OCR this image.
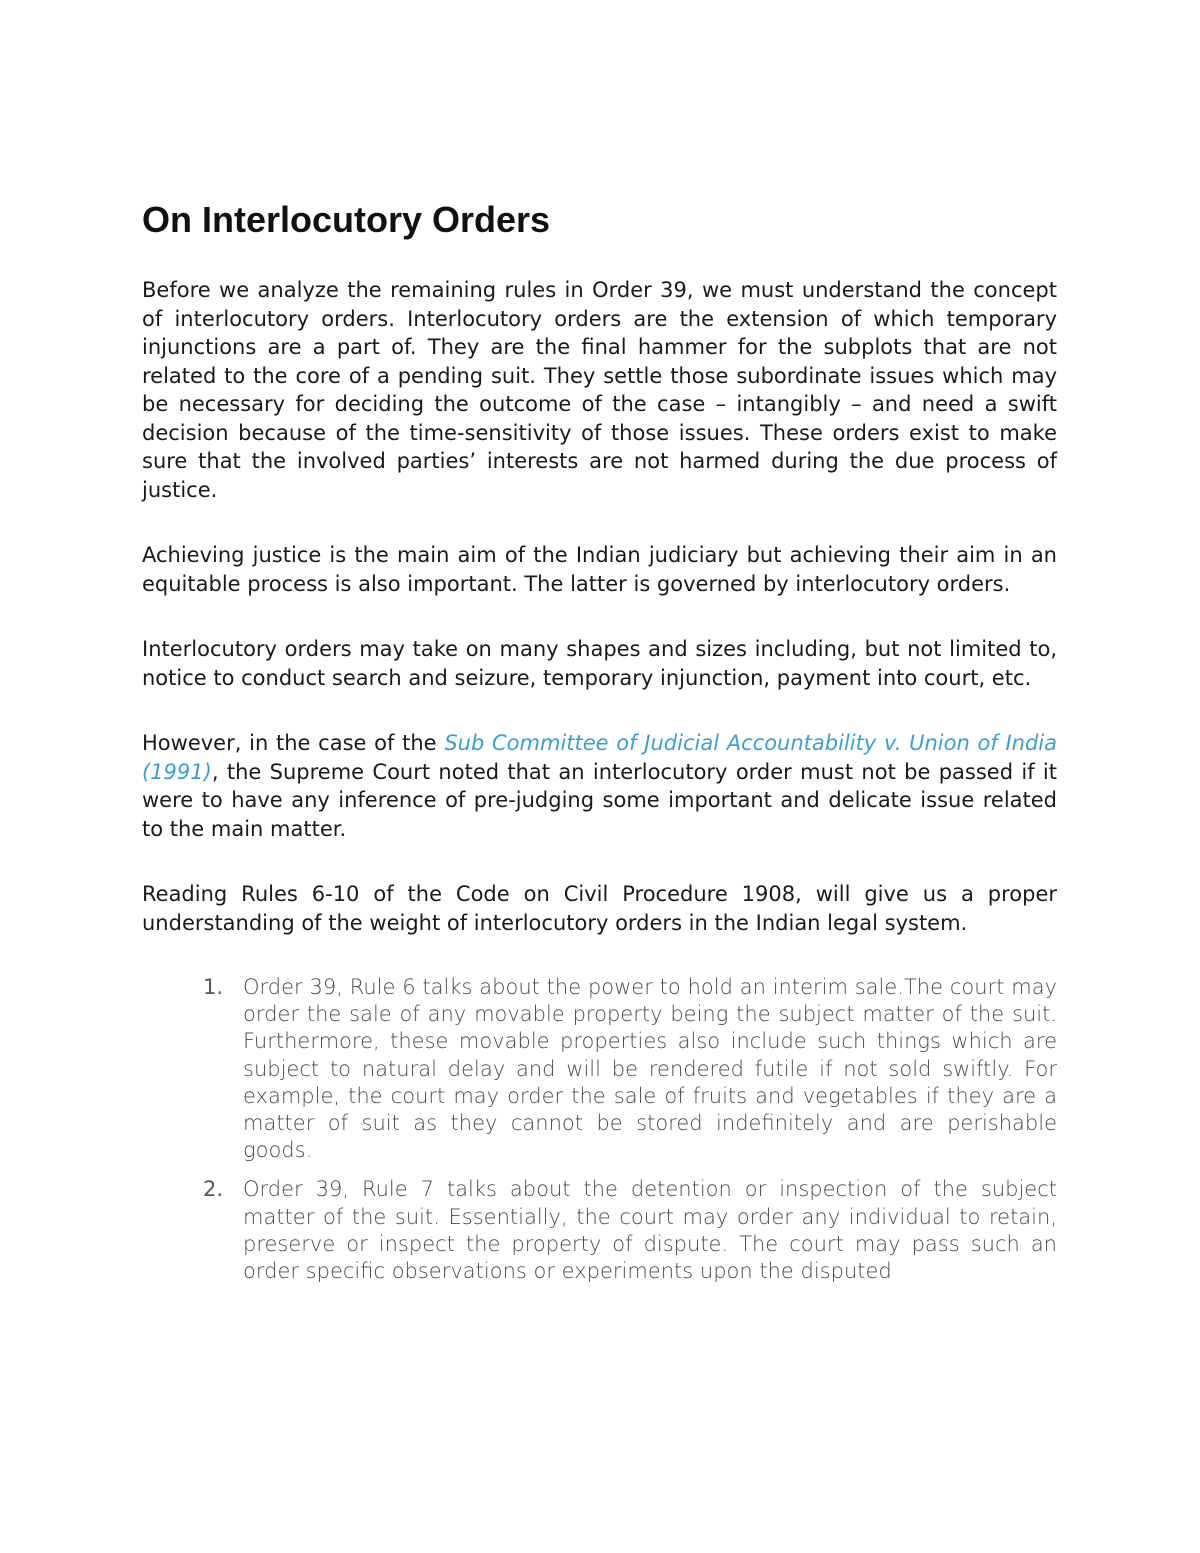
On Interlocutory Orders

Before we analyze the remaining rules in Order 39, we must understand the concept of interlocutory orders. Interlocutory orders are the extension of which temporary injunctions are a part of. They are the final hammer for the subplots that are not related to the core of a pending suit. They settle those subordinate issues which may be necessary for deciding the outcome of the case – intangibly – and need a swift decision because of the time-sensitivity of those issues. These orders exist to make sure that the involved parties’ interests are not harmed during the due process of justice.

Achieving justice is the main aim of the Indian judiciary but achieving their aim in an equitable process is also important. The latter is governed by interlocutory orders.

Interlocutory orders may take on many shapes and sizes including, but not limited to, notice to conduct search and seizure, temporary injunction, payment into court, etc.

However, in the case of the Sub Committee of Judicial Accountability v. Union of India (1991), the Supreme Court noted that an interlocutory order must not be passed if it were to have any inference of pre-judging some important and delicate issue related to the main matter.

Reading Rules 6-10 of the Code on Civil Procedure 1908, will give us a proper understanding of the weight of interlocutory orders in the Indian legal system.

1. Order 39, Rule 6 talks about the power to hold an interim sale.The court may order the sale of any movable property being the subject matter of the suit. Furthermore, these movable properties also include such things which are subject to natural delay and will be rendered futile if not sold swiftly. For example, the court may order the sale of fruits and vegetables if they are a matter of suit as they cannot be stored indefinitely and are perishable goods.
2. Order 39, Rule 7 talks about the detention or inspection of the subject matter of the suit. Essentially, the court may order any individual to retain, preserve or inspect the property of dispute. The court may pass such an order specific observations or experiments upon the disputed
